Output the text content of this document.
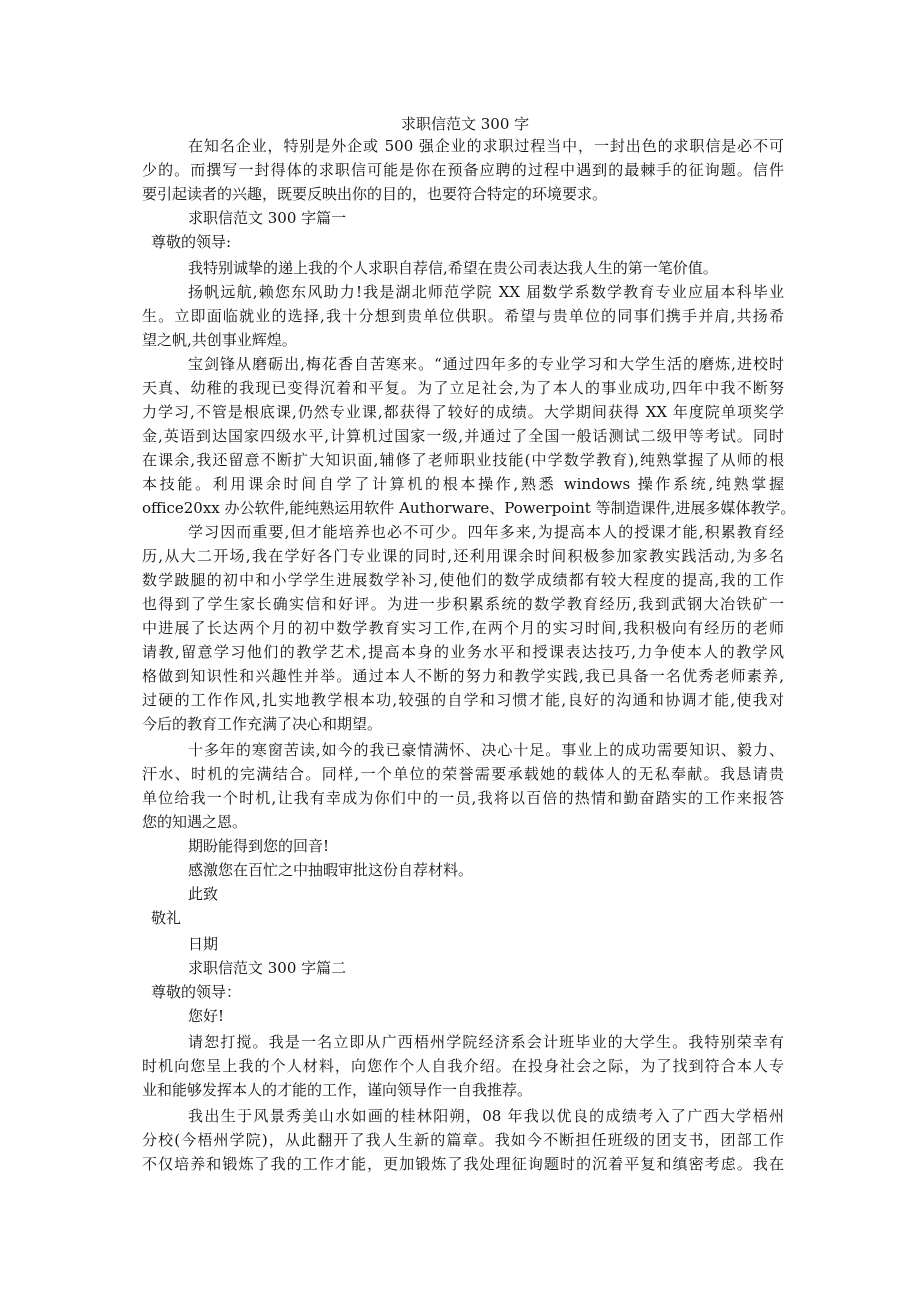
求职信范文 300 字
在知名企业，特别是外企或 500 强企业的求职过程当中，一封出色的求职信是必不可
少的。而撰写一封得体的求职信可能是你在预备应聘的过程中遇到的最棘手的征询题。信件
要引起读者的兴趣，既要反映出你的目的，也要符合特定的环境要求。
求职信范文 300 字篇一
尊敬的领导:
我特别诚挚的递上我的个人求职自荐信,希望在贵公司表达我人生的第一笔价值。
扬帆远航,赖您东风助力!我是湖北师范学院 XX 届数学系数学教育专业应届本科毕业
生。立即面临就业的选择,我十分想到贵单位供职。希望与贵单位的同事们携手并肩,共扬希
望之帆,共创事业辉煌。
宝剑锋从磨砺出,梅花香自苦寒来。“通过四年多的专业学习和大学生活的磨炼,进校时
天真、幼稚的我现已变得沉着和平复。为了立足社会,为了本人的事业成功,四年中我不断努
力学习,不管是根底课,仍然专业课,都获得了较好的成绩。大学期间获得 XX 年度院单项奖学
金,英语到达国家四级水平,计算机过国家一级,并通过了全国一般话测试二级甲等考试。同时
在课余,我还留意不断扩大知识面,辅修了老师职业技能(中学数学教育),纯熟掌握了从师的根
本技能。利用课余时间自学了计算机的根本操作,熟悉 windows 操作系统,纯熟掌握
office20xx 办公软件,能纯熟运用软件 Authorware、Powerpoint 等制造课件,进展多媒体教学。
学习因而重要,但才能培养也必不可少。四年多来,为提高本人的授课才能,积累教育经
历,从大二开场,我在学好各门专业课的同时,还利用课余时间积极参加家教实践活动,为多名
数学跛腿的初中和小学学生进展数学补习,使他们的数学成绩都有较大程度的提高,我的工作
也得到了学生家长确实信和好评。为进一步积累系统的数学教育经历,我到武钢大冶铁矿一
中进展了长达两个月的初中数学教育实习工作,在两个月的实习时间,我积极向有经历的老师
请教,留意学习他们的教学艺术,提高本身的业务水平和授课表达技巧,力争使本人的教学风
格做到知识性和兴趣性并举。通过本人不断的努力和教学实践,我已具备一名优秀老师素养,
过硬的工作作风,扎实地教学根本功,较强的自学和习惯才能,良好的沟通和协调才能,使我对
今后的教育工作充满了决心和期望。
十多年的寒窗苦读,如今的我已豪情满怀、决心十足。事业上的成功需要知识、毅力、
汗水、时机的完满结合。同样,一个单位的荣誉需要承载她的载体人的无私奉献。我恳请贵
单位给我一个时机,让我有幸成为你们中的一员,我将以百倍的热情和勤奋踏实的工作来报答
您的知遇之恩。
期盼能得到您的回音!
感激您在百忙之中抽暇审批这份自荐材料。
此致
敬礼
日期
求职信范文 300 字篇二
尊敬的领导：
您好!
请恕打搅。我是一名立即从广西梧州学院经济系会计班毕业的大学生。我特别荣幸有
时机向您呈上我的个人材料，向您作个人自我介绍。在投身社会之际，为了找到符合本人专
业和能够发挥本人的才能的工作，谨向领导作一自我推荐。
我出生于风景秀美山水如画的桂林阳朔，08 年我以优良的成绩考入了广西大学梧州
分校(今梧州学院)，从此翻开了我人生新的篇章。我如今不断担任班级的团支书，团部工作
不仅培养和锻炼了我的工作才能，更加锻炼了我处理征询题时的沉着平复和缜密考虑。我在
